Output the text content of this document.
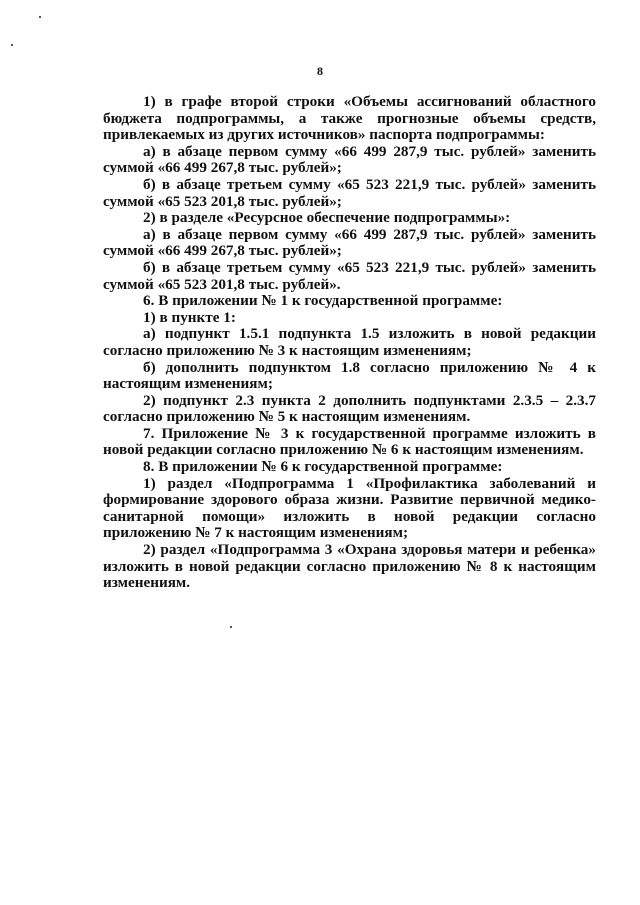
8

1) в графе второй строки «Объемы ассигнований областного бюджета подпрограммы, а также прогнозные объемы средств, привлекаемых из других источников» паспорта подпрограммы:

а) в абзаце первом сумму «66 499 287,9 тыс. рублей» заменить суммой «66 499 267,8 тыс. рублей»;

б) в абзаце третьем сумму «65 523 221,9 тыс. рублей» заменить суммой «65 523 201,8 тыс. рублей»;

2) в разделе «Ресурсное обеспечение подпрограммы»:

а) в абзаце первом сумму «66 499 287,9 тыс. рублей» заменить суммой «66 499 267,8 тыс. рублей»;

б) в абзаце третьем сумму «65 523 221,9 тыс. рублей» заменить суммой «65 523 201,8 тыс. рублей».

6. В приложении № 1 к государственной программе:

1) в пункте 1:

а) подпункт 1.5.1 подпункта 1.5 изложить в новой редакции согласно приложению № 3 к настоящим изменениям;

б) дополнить подпунктом 1.8 согласно приложению № 4 к настоящим изменениям;

2) подпункт 2.3 пункта 2 дополнить подпунктами 2.3.5 – 2.3.7 согласно приложению № 5 к настоящим изменениям.

7. Приложение № 3 к государственной программе изложить в новой редакции согласно приложению № 6 к настоящим изменениям.

8. В приложении № 6 к государственной программе:

1) раздел «Подпрограмма 1 «Профилактика заболеваний и формирование здорового образа жизни. Развитие первичной медико-санитарной помощи» изложить в новой редакции согласно приложению № 7 к настоящим изменениям;

2) раздел «Подпрограмма 3 «Охрана здоровья матери и ребенка» изложить в новой редакции согласно приложению № 8 к настоящим изменениям.
